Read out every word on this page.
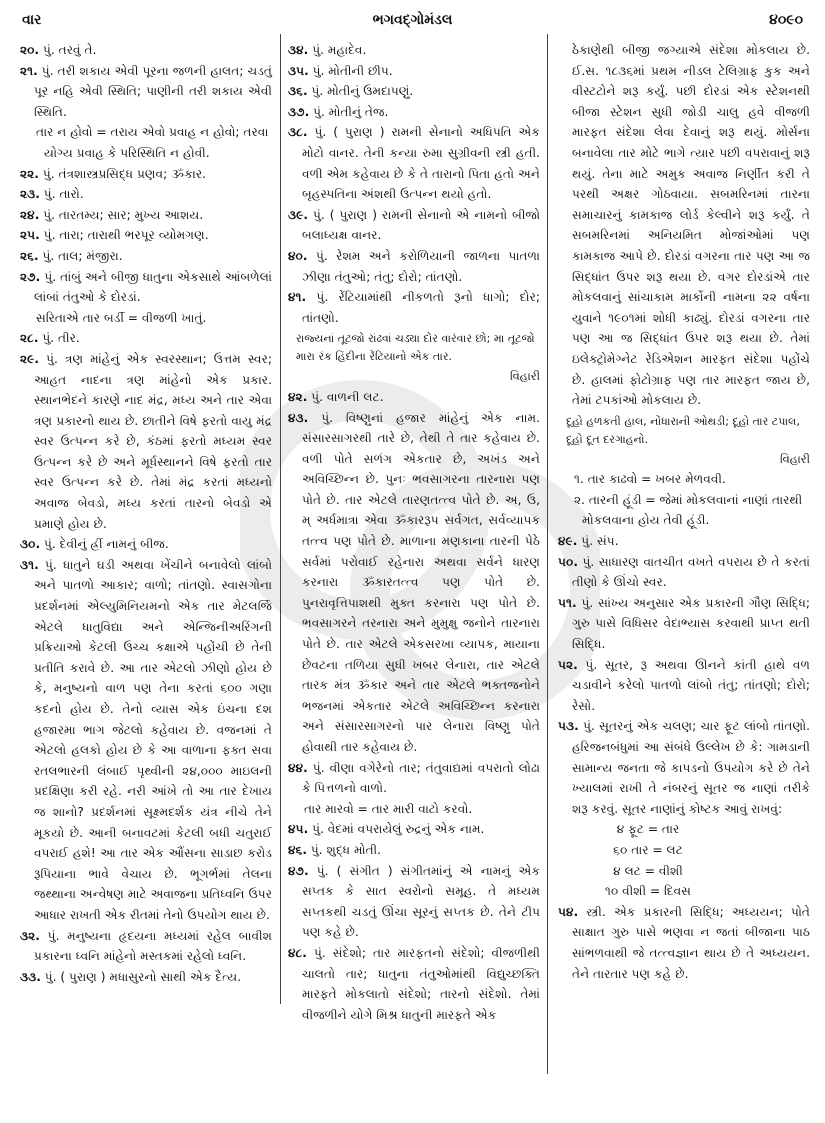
વાર	ભગવદ્ગોમંડલ	૪૦૯૦

૨૦. પું. તરવું તે.

૨૧. પું. તરી શકાય એવી પૂરના જળની હાલત; ચડતું પૂર નહિ એવી સ્થિતિ; પાણીની તરી શકાય એવી સ્થિતિ.

તાર ન હોવો = તરાય એવો પ્રવાહ ન હોવો; તરવા યોગ્ય પ્રવાહ કે પરિસ્થિતિ ન હોવી.

૨૨. પું. તંત્રશાસ્ત્રપ્રસિદ્ધ પ્રણવ; ૐકાર.

૨૩. પું. તારો.

૨૪. પું. તારતમ્ય; સાર; મુખ્ય આશય.

૨૫. પું. તારા; તારાથી ભરપૂર વ્યોમગણ.

૨૬. પું. તાલ; મંજીરા.

૨૭. પું. તાંબું અને બીજી ધાતુના એકસાથે આંબળેલાં લાંબાં તંતુઓ કે દોરડાં.

સરિતાએ તાર બર્ડી = વીજળી ખાતું.

૨૮. પું. તીર.

૨૯. પું. ત્રણ માંહેનું એક સ્વરસ્થાન; ઉત્તમ સ્વર; આહત નાદના ત્રણ માંહેનો એક પ્રકાર. સ્થાનભેદને કારણે નાદ મંદ્ર, મધ્ય અને તાર એવા ત્રણ પ્રકારનો થાય છે. છાતીને વિષે ફરતો વાયુ મંદ્ર સ્વર ઉત્પન્ન કરે છે, કંઠમાં ફરતો મધ્યમ સ્વર ઉત્પન્ન કરે છે અને મૂર્ધસ્થાનને વિષે ફરતો તાર સ્વર ઉત્પન્ન કરે છે. તેમાં મંદ્ર કરતાં મધ્યનો અવાજ બેવડો, મધ્ય કરતાં તારનો બેવડો એ પ્રમાણે હોય છે.

૩૦. પું. દેવીનું હ્રીં નામનું બીજ.

૩૧. પું. ધાતુને ઘડી અથવા ખેંચીને બનાવેલો લાંબો અને પાતળો આકાર; વાળો; તાંતણો. સ્વાસગોના પ્રદર્શનમાં એલ્યુમિનિયમનો એક તાર મેટલર્જિ એટલે ધાતુવિદ્યા અને એન્જિનીઅરિંગની પ્રક્રિયાઓ કેટલી ઉચ્ચ કક્ષાએ પહોંચી છે તેની પ્રતીતિ કરાવે છે. આ તાર એટલો ઝીણો હોય છે કે, મનુષ્યનો વાળ પણ તેના કરતાં ૬૦૦ ગણા કદનો હોય છે. તેનો વ્યાસ એક ઇંચના દશ હજારમા ભાગ જેટલો કહેવાય છે. વજનમાં તે એટલો હલકો હોય છે કે આ વાળાના ફક્ત સવા રતલભારની લંબાઈ પૃથ્વીની ૨૪,૦૦૦ માઇલની પ્રદક્ષિણા કરી રહે. નરી આંખે તો આ તાર દેખાય જ શાનો? પ્રદર્શનમાં સૂક્ષ્મદર્શક યંત્ર નીચે તેને મૂકયો છે. આની બનાવટમાં કેટલી બધી ચતુરાઈ વપરાઈ હશે! આ તાર એક ઔંસના સાડાછ કરોડ રૂપિયાના ભાવે વેચાય છે. ભૂગર્ભમાં તેલના જથ્થાના અન્વેષણ માટે અવાજના પ્રતિધ્વનિ ઉપર આધાર રાખતી એક રીતમાં તેનો ઉપયોગ થાય છે.

૩૨. પું. મનુષ્યના હૃદયના મધ્યમાં રહેલ બાવીશ પ્રકારના ધ્વનિ માંહેનો મસ્તકમાં રહેલો ધ્વનિ.

૩૩. પું. ( પુરાણ ) મધાસુરનો સાથી એક દૈત્ય.

૩૪. પું. મહાદેવ.

૩૫. પું. મોતીની છીપ.

૩૬. પું. મોતીનું ઉમદાપણું.

૩૭. પું. મોતીનું તેજ.

૩૮. પું. ( પુરાણ ) રામની સેનાનો અધિપતિ એક મોટો વાનર. તેની કન્યા રુમા સુગ્રીવની સ્ત્રી હતી. વળી એમ કહેવાય છે કે તે તારાનો પિતા હતો અને બૃહસ્પતિના અંશથી ઉત્પન્ન થયો હતો.

૩૯. પું. ( પુરાણ ) રામની સેનાનો એ નામનો બીજો બલાધ્યક્ષ વાનર.

૪૦. પું. રેશમ અને કરોળિયાની જાળના પાતળા ઝીણા તંતુઓ; તંતુ; દોરો; તાંતણો.

૪૧. પું. રેંટિયામાંથી નીકળતો રૂનો ધાગો; દોર; તાંતણો.

રાજ્યનાં તૂટજો રાંઢવાં ચડ્યા દોર વારંવાર છો; મા તૂટજો મારા રંક હિંદીના રેંટિયાનો એક તાર.

વિહારી

૪૨. પું. વાળની લટ.

૪૩. પું. વિષ્ણુનાં હજાર માંહેનું એક નામ. સંસારસાગરથી તારે છે, તેથી તે તાર કહેવાય છે. વળી પોતે સળંગ એકતાર છે, અખંડ અને અવિચ્છિન્ન છે. પુનઃ ભવસાગરના તારનારા પણ પોતે છે. તાર એટલે તારણતત્ત્વ પોતે છે. અ, ઉ, મ્ અર્ધમાત્રા એવા ૐકારરૂપ સર્વગત, સર્વવ્યાપક તત્ત્વ પણ પોતે છે. માળાના મણકાના તારની પેઠે સર્વમાં પરોવાઈ રહેનારા અથવા સર્વને ધારણ કરનારા ૐકારતત્ત્વ પણ પોતે છે. પુનરાવૃત્તિપાશથી મુક્ત કરનારા પણ પોતે છે. ભવસાગરને તરનારા અને મુમુક્ષુ જનોને તારનારા પોતે છે. તાર એટલે એકસરખા વ્યાપક, માયાના છેવટના તળિયા સુધી ખબર લેનારા, તાર એટલે તારક મંત્ર ૐકાર અને તાર એટલે ભક્તજનોને ભજનમાં એકતાર એટલે અવિચ્છિન્ન કરનારા અને સંસારસાગરનો પાર લેનારા વિષ્ણુ પોતે હોવાથી તાર કહેવાય છે.

૪૪. પું. વીણા વગેરેનો તાર; તંતુવાદ્યમાં વપરાતો લોઢા કે પિત્તળનો વાળો.

તાર મારવો = તાર મારી વાટો કરવો.

૪૫. પું. વેદમાં વપરાયેલું રુદ્રનું એક નામ.

૪૬. પું. શુદ્ધ મોતી.

૪૭. પું. ( સંગીત ) સંગીતમાંનું એ નામનું એક સપ્તક કે સાત સ્વરોનો સમૂહ. તે મધ્યમ સપ્તકથી ચડતું ઊંચા સૂરનું સપ્તક છે. તેને ટીપ પણ કહે છે.

૪૮. પું. સંદેશો; તાર મારફતનો સંદેશો; વીજળીથી ચાલતો તાર; ધાતુના તંતુઓમાંથી વિદ્યુચ્છક્તિ મારફતે મોકલાતો સંદેશો; તારનો સંદેશો. તેમાં વીજળીને યોગે મિશ્ર ધાતુની મારફતે એક

ઠેકાણેથી બીજી જગ્યાએ સંદેશા મોકલાય છે. ઈ.સ. ૧૮૩૬માં પ્રથમ નીડલ ટેલિગ્રાફ કુક અને વીસ્ટટોને શરૂ કર્યું. પછી દોરડાં એક સ્ટેશનથી બીજા સ્ટેશન સુધી જોડી ચાલુ હવે વીજળી મારફત સંદેશા લેવા દેવાનું શરૂ થયું. મોર્સના બનાવેલા તાર મોટે ભાગે ત્યાર પછી વપરાવાનું શરૂ થયું. તેના માટે અમુક અવાજ નિર્ણીત કરી તે પરથી અક્ષર ગોઠવાયા. સબમરિનમાં તારના સમાચારનું કામકાજ લોર્ડ કેલ્વીને શરૂ કર્યું. તે સબમરિનમાં અનિયમિત મોજાંઓમાં પણ કામકાજ આપે છે. દોરડાં વગરના તાર પણ આ જ સિદ્ધાંત ઉપર શરૂ થયા છે. વગર દોરડાંએ તાર મોકલવાનું સાંચાકામ માર્કોની નામના ૨૨ વર્ષના યુવાને ૧૯૦૧માં શોધી કાઢ્યું. દોરડાં વગરના તાર પણ આ જ સિદ્ધાંત ઉપર શરૂ થયા છે. તેમાં ઇલેક્ટ્રોમેગ્નેટ રેડિએશન મારફત સંદેશા પહોંચે છે. હાલમાં ફોટોગ્રાફ પણ તાર મારફત જાય છે, તેમાં ટપકાંઓ મોકલાય છે.

દૂહો હળકતી હાલ, નોંધારાની ઓથડી; દૂહો તાર ટપાલ, દૂહો દૂત દરગાહનો.

વિહારી

૧. તાર કાઢવો = ખબર મેળવવી.

૨. તારની હૂંડી = જેમાં મોકલવાનાં નાણાં તારથી મોકલવાના હોય તેવી હૂંડી.

૪૯. પું. સંપ.

૫૦. પું. સાધારણ વાતચીત વખતે વપરાય છે તે કરતાં તીણો કે ઊંચો સ્વર.

૫૧. પું. સાંખ્ય અનુસાર એક પ્રકારની ગૌણ સિદ્ધિ; ગુરુ પાસે વિધિસર વેદાભ્યાસ કરવાથી પ્રાપ્ત થતી સિદ્ધિ.

૫૨. પું. સૂતર, રૂ અથવા ઊનને કાંતી હાથે વળ ચડાવીને કરેલો પાતળો લાંબો તંતુ; તાંતણો; દોરો; રેસો.

૫૩. પું. સૂતરનું એક ચલણ; ચાર ફૂટ લાંબો તાંતણો. હરિજનબંધુમાં આ સંબંધે ઉલ્લેખ છે કે: ગામડાની સામાન્ય જનતા જે કાપડનો ઉપયોગ કરે છે તેને ખ્યાલમાં રાખી તે નંબરનું સૂતર જ નાણાં તરીકે શરૂ કરવું. સૂતર નાણાંનું કોષ્ટક આવું રાખવું:

૪ ફૂટ = તાર
૬૦ તાર = લટ
૪ લટ = વીશી
૧૦ વીશી = દિવસ

૫૪. સ્ત્રી. એક પ્રકારની સિદ્ધિ; અધ્યયન; પોતે સાક્ષાત ગુરુ પાસે ભણવા ન જતાં બીજાના પાઠ સાંભળવાથી જે તત્ત્વજ્ઞાન થાય છે તે અધ્યયન. તેને તારતાર પણ કહે છે.
